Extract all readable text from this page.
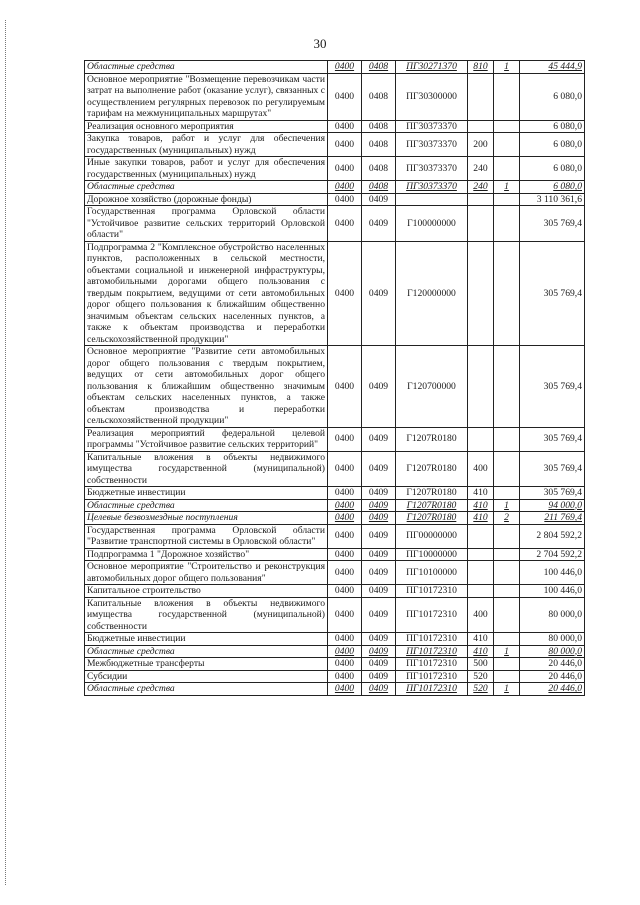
30
Областные средства	0400	0408	ПГ30271370	810	1	45 444,9
Основное мероприятие "Возмещение перевозчикам части затрат на выполнение работ (оказание услуг), связанных с осуществлением регулярных перевозок по регулируемым тарифам на межмуниципальных маршрутах"	0400	0408	ПГ30300000			6 080,0
Реализация основного мероприятия	0400	0408	ПГ30373370			6 080,0
Закупка товаров, работ и услуг для обеспечения государственных (муниципальных) нужд	0400	0408	ПГ30373370	200		6 080,0
Иные закупки товаров, работ и услуг для обеспечения государственных (муниципальных) нужд	0400	0408	ПГ30373370	240		6 080,0
Областные средства	0400	0408	ПГ30373370	240	1	6 080,0
Дорожное хозяйство (дорожные фонды)	0400	0409				3 110 361,6
Государственная программа Орловской области "Устойчивое развитие сельских территорий Орловской области"	0400	0409	Г100000000			305 769,4
Подпрограмма 2 "Комплексное обустройство населенных пунктов, расположенных в сельской местности, объектами социальной и инженерной инфраструктуры, автомобильными дорогами общего пользования с твердым покрытием, ведущими от сети автомобильных дорог общего пользования к ближайшим общественно значимым объектам сельских населенных пунктов, а также к объектам производства и переработки сельскохозяйственной продукции"	0400	0409	Г120000000			305 769,4
Основное мероприятие "Развитие сети автомобильных дорог общего пользования с твердым покрытием, ведущих от сети автомобильных дорог общего пользования к ближайшим общественно значимым объектам сельских населенных пунктов, а также объектам производства и переработки сельскохозяйственной продукции"	0400	0409	Г120700000			305 769,4
Реализация мероприятий федеральной целевой программы "Устойчивое развитие сельских территорий"	0400	0409	Г1207R0180			305 769,4
Капитальные вложения в объекты недвижимого имущества государственной (муниципальной) собственности	0400	0409	Г1207R0180	400		305 769,4
Бюджетные инвестиции	0400	0409	Г1207R0180	410		305 769,4
Областные средства	0400	0409	Г1207R0180	410	1	94 000,0
Целевые безвозмездные поступления	0400	0409	Г1207R0180	410	2	211 769,4
Государственная программа Орловской области "Развитие транспортной системы в Орловской области"	0400	0409	ПГ00000000			2 804 592,2
Подпрограмма 1 "Дорожное хозяйство"	0400	0409	ПГ10000000			2 704 592,2
Основное мероприятие "Строительство и реконструкция автомобильных дорог общего пользования"	0400	0409	ПГ10100000			100 446,0
Капитальное строительство	0400	0409	ПГ10172310			100 446,0
Капитальные вложения в объекты недвижимого имущества государственной (муниципальной) собственности	0400	0409	ПГ10172310	400		80 000,0
Бюджетные инвестиции	0400	0409	ПГ10172310	410		80 000,0
Областные средства	0400	0409	ПГ10172310	410	1	80 000,0
Межбюджетные трансферты	0400	0409	ПГ10172310	500		20 446,0
Субсидии	0400	0409	ПГ10172310	520		20 446,0
Областные средства	0400	0409	ПГ10172310	520	1	20 446,0
